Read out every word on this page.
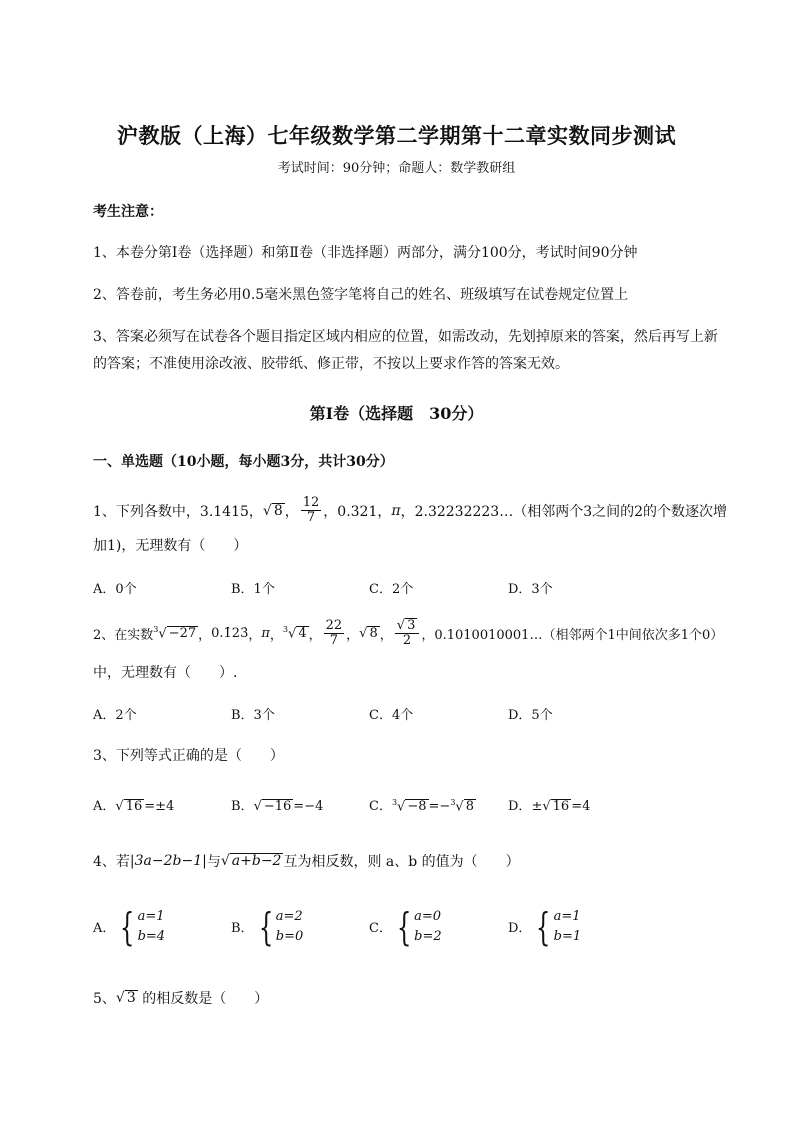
沪教版（上海）七年级数学第二学期第十二章实数同步测试
考试时间：90分钟；命题人：数学教研组
考生注意：
1、本卷分第I卷（选择题）和第Ⅱ卷（非选择题）两部分，满分100分，考试时间90分钟
2、答卷前，考生务必用0.5毫米黑色签字笔将自己的姓名、班级填写在试卷规定位置上
3、答案必须写在试卷各个题目指定区域内相应的位置，如需改动，先划掉原来的答案，然后再写上新
的答案；不准使用涂改液、胶带纸、修正带，不按以上要求作答的答案无效。
第I卷（选择题　30分）
一、单选题（10小题，每小题3分，共计30分）
1、下列各数中，3.1415， √ 8 ， $\frac{12}{7}$ ，0.321， π ，2.32232223…（相邻两个3之间的2的个数逐次增
加1)，无理数有（　　）
A．0个	B．1个	C．2个	D．3个
2、在实数 $^3$√ −27 ， 0.1̇23̇ ， π ， $^3$√ 4 ， $\frac{22}{7}$ ， √ 8 ， $\frac{√ 3}{2}$ ，0.1010010001…（相邻两个1中间依次多1个0）
中，无理数有（　　）.
A．2个	B．3个	C．4个	D．5个
3、下列等式正确的是（　　）
A．√ 16 =±4	B．√ −16 =−4	C．$^3$√ −8 =−$^3$√ 8	D．±√ 16 =4
4、若 |3a−2b−1| 与 √ a+b−2 互为相反数，则 a、b 的值为（　　）
A． { a=1
b=4	B． { a=2
b=0	C． { a=0
b=2	D． { a=1
b=1
5、 √ 3 的相反数是（　　）
